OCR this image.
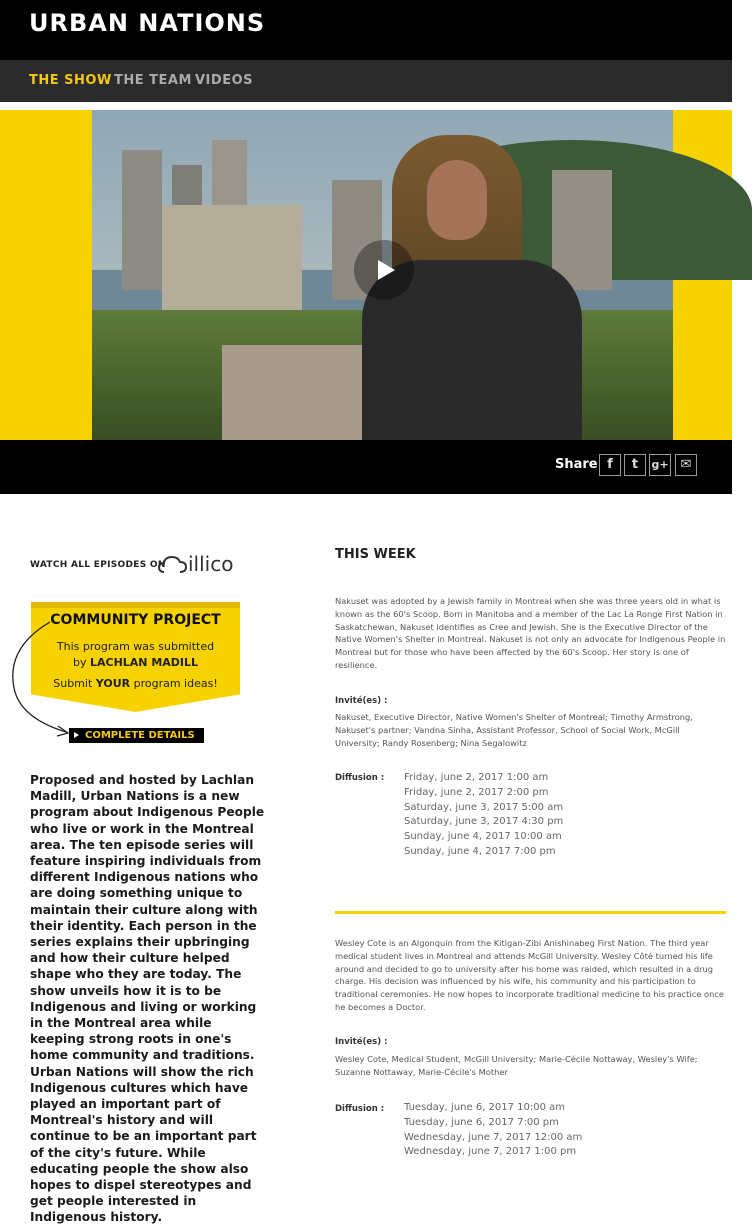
URBAN NATIONS
THE SHOW THE TEAM VIDEOS
Share f	t	g+ ✉
WATCH ALL EPISODES ON illico
COMMUNITY PROJECT
This program was submitted
by LACHLAN MADILL
Submit YOUR program ideas!
COMPLETE DETAILS
Proposed and hosted by Lachlan Madill, Urban Nations is a new program about Indigenous People who live or work in the Montreal area. The ten episode series will feature inspiring individuals from different Indigenous nations who are doing something unique to maintain their culture along with their identity. Each person in the series explains their upbringing and how their culture helped shape who they are today. The show unveils how it is to be Indigenous and living or working in the Montreal area while keeping strong roots in one's home community and traditions. Urban Nations will show the rich Indigenous cultures which have played an important part of Montreal's history and will continue to be an important part of the city's future. While educating people the show also hopes to dispel stereotypes and get people interested in Indigenous history.
THIS WEEK
Nakuset was adopted by a Jewish family in Montreal when she was three years old in what is known as the 60's Scoop. Born in Manitoba and a member of the Lac La Ronge First Nation in Saskatchewan, Nakuset identifies as Cree and Jewish. She is the Executive Director of the Native Women's Shelter in Montreal. Nakuset is not only an advocate for Indigenous People in Montreal but for those who have been affected by the 60's Scoop. Her story is one of resilience.
Invité(es) :
Nakuset, Executive Director, Native Women's Shelter of Montreal; Timothy Armstrong, Nakuset's partner; Vandna Sinha, Assistant Professor, School of Social Work, McGill University; Randy Rosenberg; Nina Segalowitz
Diffusion : Friday, june 2, 2017 1:00 am
Friday, june 2, 2017 2:00 pm
Saturday, june 3, 2017 5:00 am
Saturday, june 3, 2017 4:30 pm
Sunday, june 4, 2017 10:00 am
Sunday, june 4, 2017 7:00 pm
Wesley Cote is an Algonquin from the Kitigan-Zibi Anishinabeg First Nation. The third year medical student lives in Montreal and attends McGill University. Wesley Côté turned his life around and decided to go to university after his home was raided, which resulted in a drug charge. His decision was influenced by his wife, his community and his participation to traditional ceremonies. He now hopes to incorporate traditional medicine to his practice once he becomes a Doctor.
Invité(es) :
Wesley Cote, Medical Student, McGill University; Marie-Cécile Nottaway, Wesley's Wife; Suzanne Nottaway, Marie-Cécile's Mother
Diffusion : Tuesday, june 6, 2017 10:00 am
Tuesday, june 6, 2017 7:00 pm
Wednesday, june 7, 2017 12:00 am
Wednesday, june 7, 2017 1:00 pm
